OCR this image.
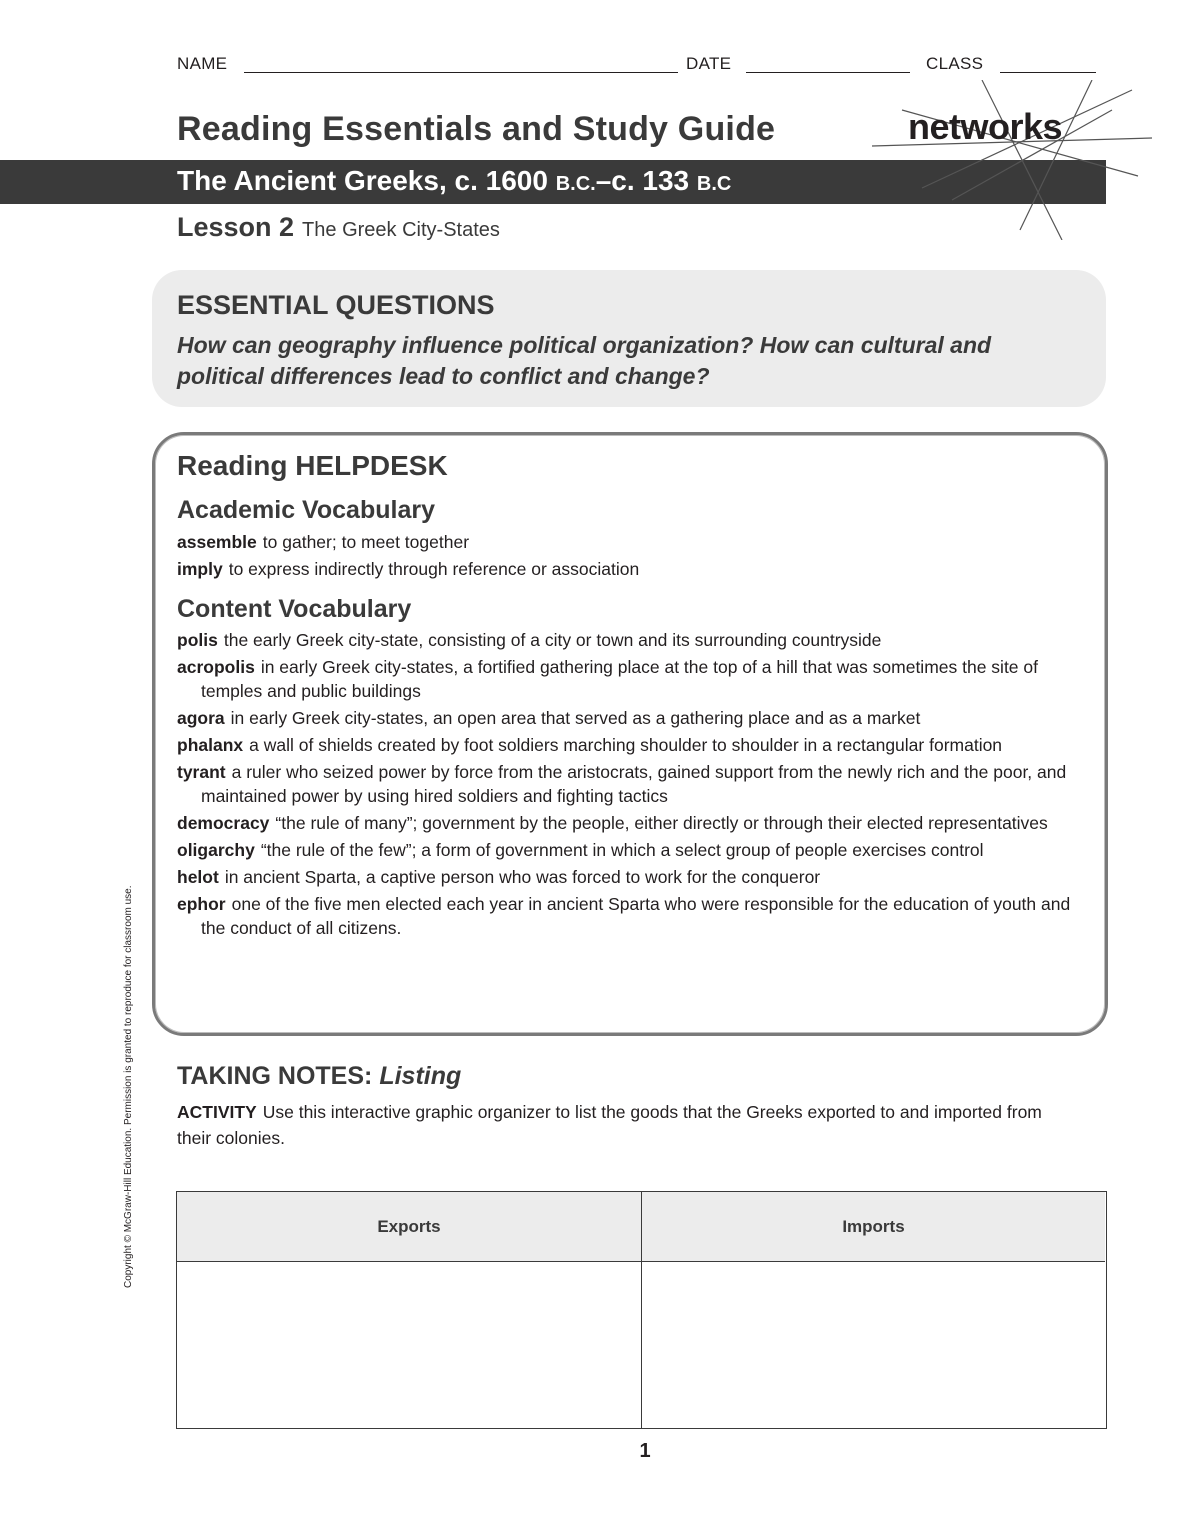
NAME	DATE	CLASS
Reading Essentials and Study Guide
The Ancient Greeks, c. 1600 B.C.–c. 133 B.C
networks
Lesson 2 The Greek City-States
ESSENTIAL QUESTIONS
How can geography influence political organization? How can cultural and political differences lead to conflict and change?
Reading HELPDESK
Academic Vocabulary
assemble to gather; to meet together
imply to express indirectly through reference or association
Content Vocabulary
polis the early Greek city-state, consisting of a city or town and its surrounding countryside
acropolis in early Greek city-states, a fortified gathering place at the top of a hill that was sometimes the site of temples and public buildings
agora in early Greek city-states, an open area that served as a gathering place and as a market
phalanx a wall of shields created by foot soldiers marching shoulder to shoulder in a rectangular formation
tyrant a ruler who seized power by force from the aristocrats, gained support from the newly rich and the poor, and maintained power by using hired soldiers and fighting tactics
democracy “the rule of many”; government by the people, either directly or through their elected representatives
oligarchy “the rule of the few”; a form of government in which a select group of people exercises control
helot in ancient Sparta, a captive person who was forced to work for the conqueror
ephor one of the five men elected each year in ancient Sparta who were responsible for the education of youth and the conduct of all citizens.
TAKING NOTES: Listing
ACTIVITY Use this interactive graphic organizer to list the goods that the Greeks exported to and imported from their colonies.
Exports	Imports
1
Copyright © McGraw-Hill Education. Permission is granted to reproduce for classroom use.
